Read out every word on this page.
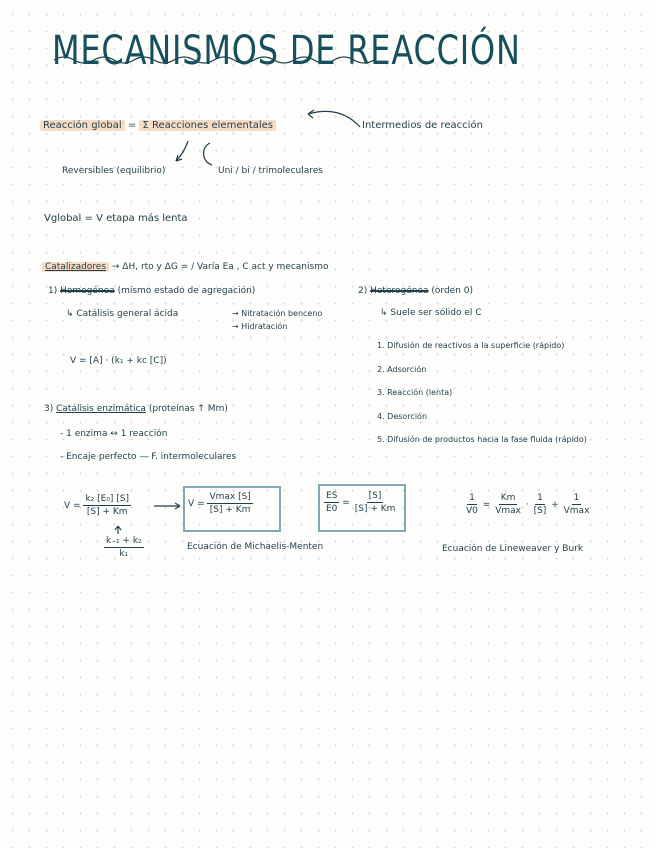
MECANISMOS DE REACCIÓN
Reacción global = Σ Reacciones elementales	Intermedios de reacción
Reversibles (equilibrio)	Uni / bi / trimoleculares
Vglobal = V etapa más lenta
Catalizadores → ΔH, rto y ΔG = / Varía Ea , C act y mecanismo
1) Homogénea (mismo estado de agregación)
↳ Catálisis general ácida	→ Nitratación benceno
→ Hidratación
V = [A] · (k₁ + kc [C])
2) Heterogénea (orden 0)
↳ Suele ser sólido el C
1. Difusión de reactivos a la superficie (rápido)
2. Adsorción
3. Reacción (lenta)
4. Desorción
5. Difusión de productos hacia la fase fluida (rápido)
3) Catálisis enzimática (proteínas ↑ Mm)
- 1 enzima ↔ 1 reacción
- Encaje perfecto — F. intermoleculares
$V = \frac{\text{k₂ [E₀] [S]}}{[S] + Km}$
$\frac{\text{k₋₁ + k₂}}{\text{k₁}}$
$V = \frac{Vmax [S]}{[S] + Km}$
Ecuación de Michaelis-Menten
$\frac{ES}{E0} = \frac{[S]}{[S] + Km}$	$\frac{1}{V0} = \frac{Km}{Vmax} \cdot \frac{1}{[S]} + \frac{1}{Vmax}$
Ecuación de Lineweaver y Burk
